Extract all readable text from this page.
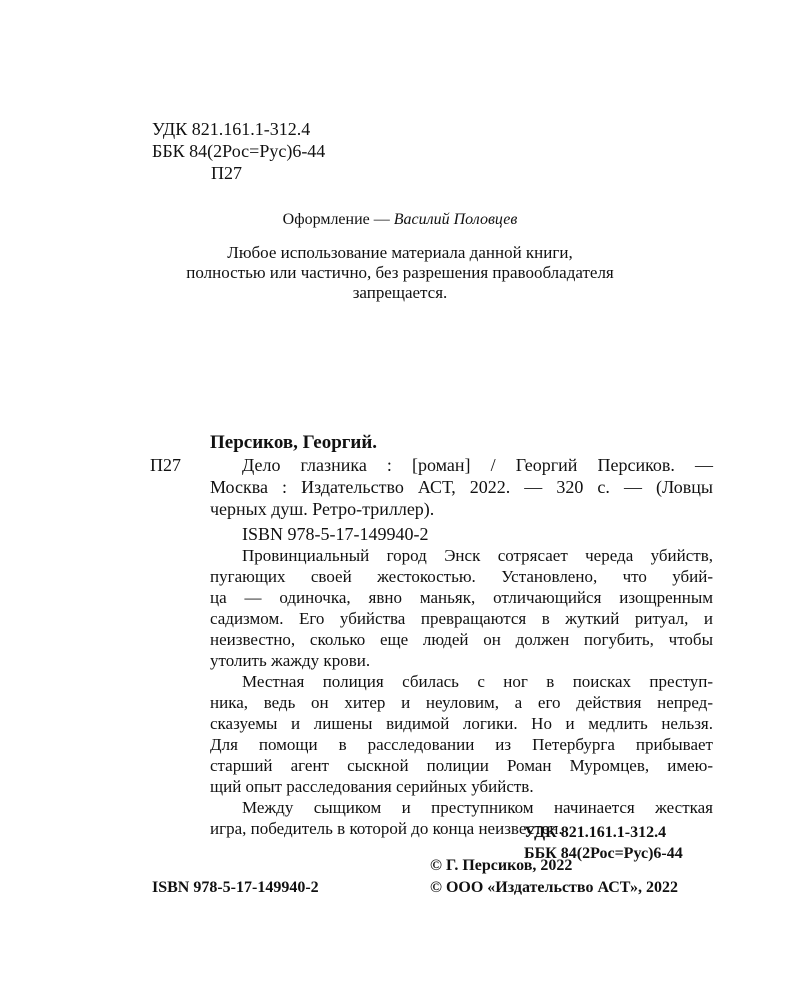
УДК 821.161.1-312.4
ББК 84(2Рос=Рус)6-44
П27
Оформление — Василий Половцев
Любое использование материала данной книги,
полностью или частично, без разрешения правообладателя
запрещается.
Персиков, Георгий.
П27	Дело глазника : [роман] / Георгий Персиков. —
Москва : Издательство АСТ, 2022. — 320 с. — (Ловцы
черных душ. Ретро-триллер).
ISBN 978-5-17-149940-2
Провинциальный город Энск сотрясает череда убийств,
пугающих своей жестокостью. Установлено, что убий-
ца — одиночка, явно маньяк, отличающийся изощренным
садизмом. Его убийства превращаются в жуткий ритуал, и
неизвестно, сколько еще людей он должен погубить, чтобы
утолить жажду крови.
Местная полиция сбилась с ног в поисках преступ-
ника, ведь он хитер и неуловим, а его действия непред-
сказуемы и лишены видимой логики. Но и медлить нельзя.
Для помощи в расследовании из Петербурга прибывает
старший агент сыскной полиции Роман Муромцев, имею-
щий опыт расследования серийных убийств.
Между сыщиком и преступником начинается жесткая
игра, победитель в которой до конца неизвестен.
УДК 821.161.1-312.4
ББК 84(2Рос=Рус)6-44
© Г. Персиков, 2022
© ООО «Издательство АСТ», 2022
ISBN 978-5-17-149940-2
